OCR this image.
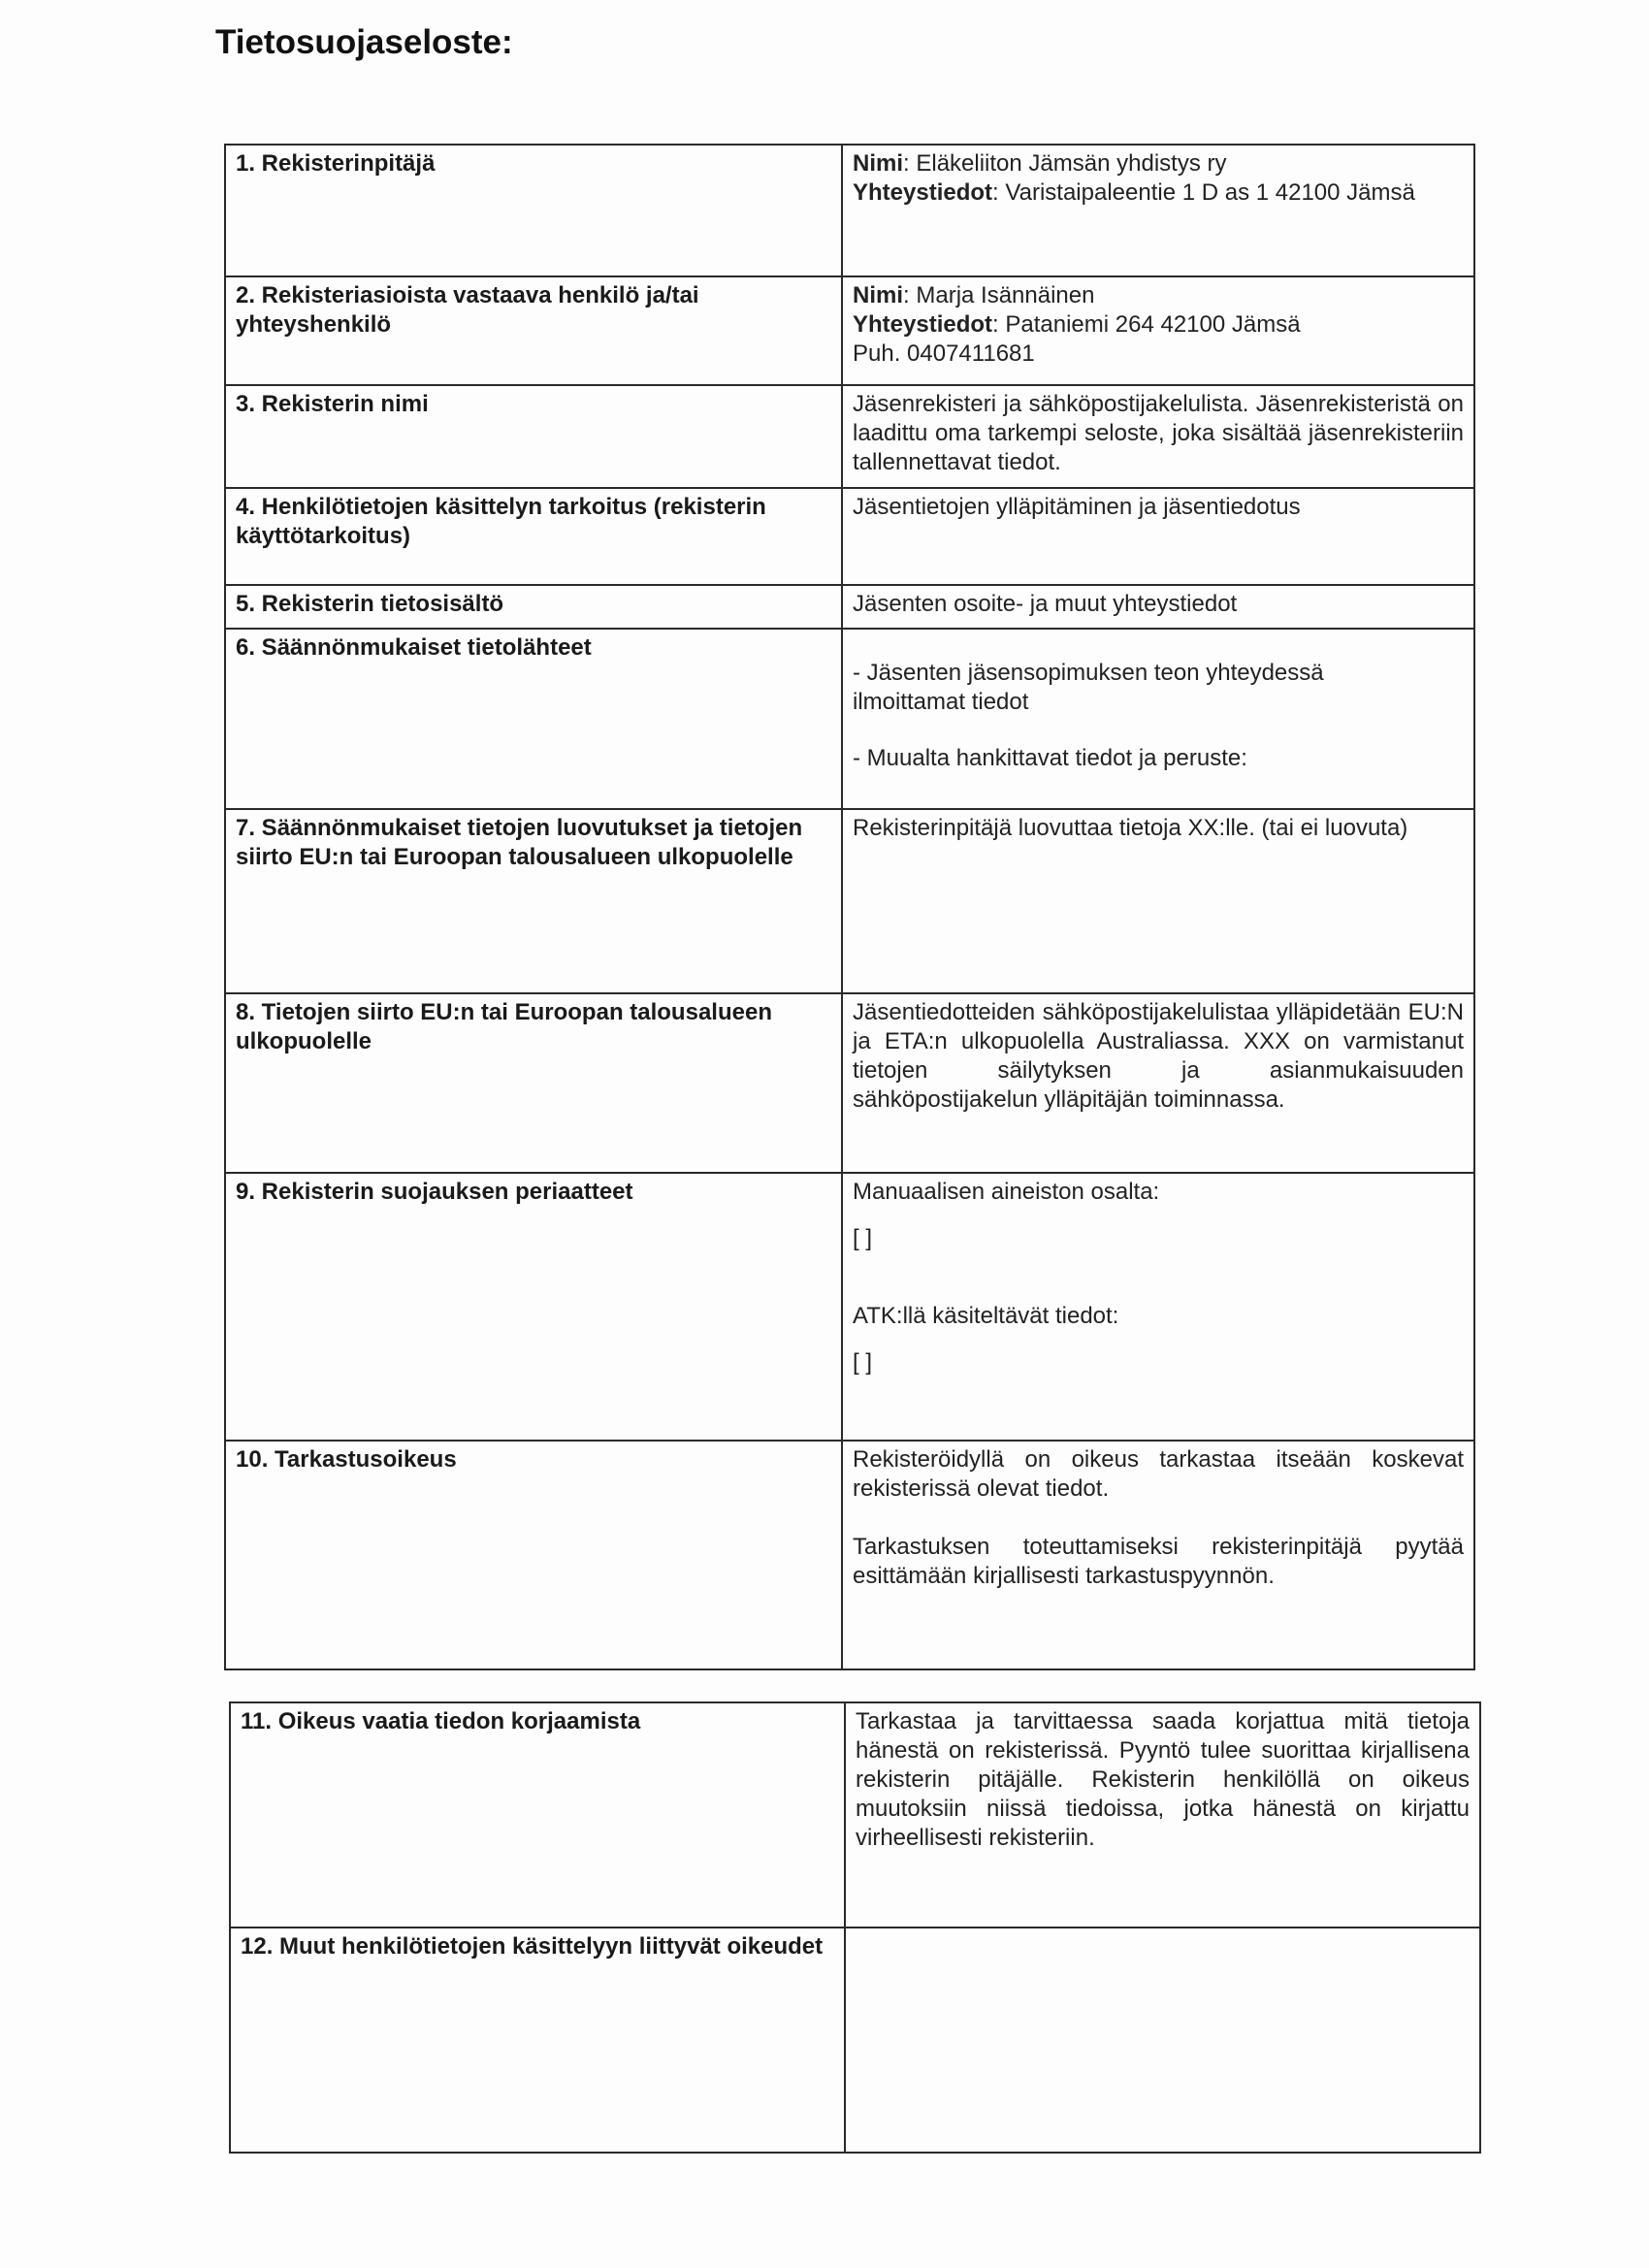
Tietosuojaseloste:
1. Rekisterinpitäjä	Nimi: Eläkeliiton Jämsän yhdistys ry
Yhteystiedot: Varistaipaleentie 1 D as 1 42100 Jämsä

2. Rekisteriasioista vastaava henkilö ja/tai yhteyshenkilö	Nimi: Marja Isännäinen
Yhteystiedot: Pataniemi 264 42100 Jämsä
Puh. 0407411681

3. Rekisterin nimi	Jäsenrekisteri ja sähköpostijakelulista. Jäsenrekisteristä on laadittu oma tarkempi seloste, joka sisältää jäsenrekisteriin tallennettavat tiedot.

4. Henkilötietojen käsittelyn tarkoitus (rekisterin käyttötarkoitus)	Jäsentietojen ylläpitäminen ja jäsentiedotus

5. Rekisterin tietosisältö	Jäsenten osoite- ja muut yhteystiedot

6. Säännönmukaiset tietolähteet	- Jäsenten jäsensopimuksen teon yhteydessä ilmoittamat tiedot

- Muualta hankittavat tiedot ja peruste:

7. Säännönmukaiset tietojen luovutukset ja tietojen siirto EU:n tai Euroopan talousalueen ulkopuolelle	Rekisterinpitäjä luovuttaa tietoja XX:lle. (tai ei luovuta)

8. Tietojen siirto EU:n tai Euroopan talousalueen ulkopuolelle	Jäsentiedotteiden sähköpostijakelulistaa ylläpidetään EU:N ja ETA:n ulkopuolella Australiassa. XXX on varmistanut tietojen säilytyksen ja asianmukaisuuden sähköpostijakelun ylläpitäjän toiminnassa.

9. Rekisterin suojauksen periaatteet	Manuaalisen aineiston osalta:

[ ]

ATK:llä käsiteltävät tiedot:

[ ]

10. Tarkastusoikeus	Rekisteröidyllä on oikeus tarkastaa itseään koskevat rekisterissä olevat tiedot.

Tarkastuksen toteuttamiseksi rekisterinpitäjä pyytää esittämään kirjallisesti tarkastuspyynnön.

11. Oikeus vaatia tiedon korjaamista	Tarkastaa ja tarvittaessa saada korjattua mitä tietoja hänestä on rekisterissä. Pyyntö tulee suorittaa kirjallisena rekisterin pitäjälle. Rekisterin henkilöllä on oikeus muutoksiin niissä tiedoissa, jotka hänestä on kirjattu virheellisesti rekisteriin.

12. Muut henkilötietojen käsittelyyn liittyvät oikeudet	
